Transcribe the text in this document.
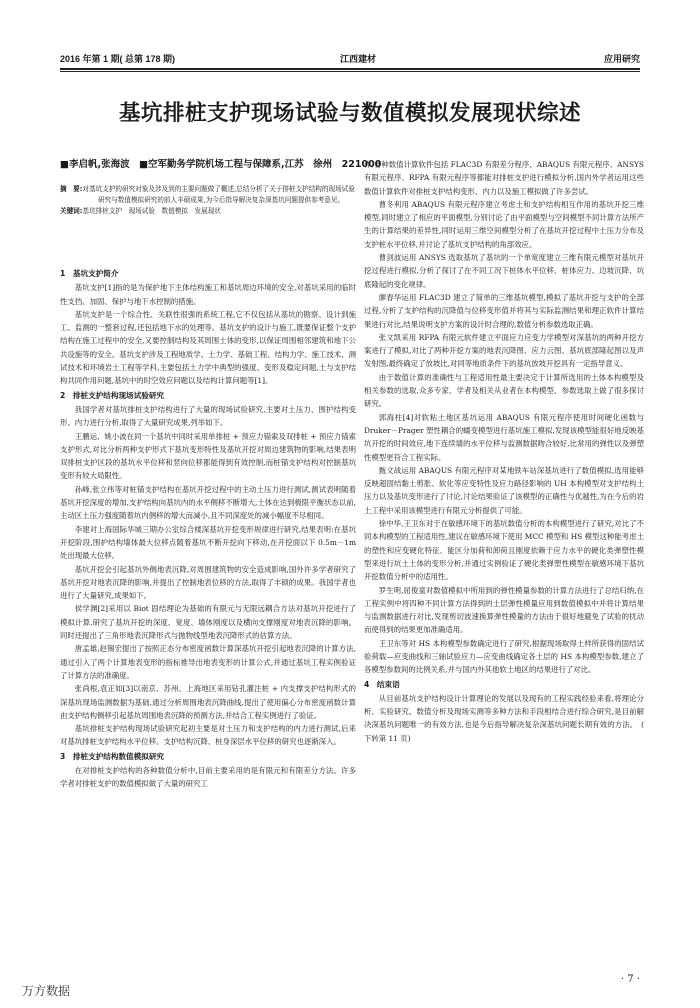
2016 年第 1 期( 总第 178 期)	江西建材	应用研究
基坑排桩支护现场试验与数值模拟发展现状综述
■李启帆,张海波　■空军勤务学院机场工程与保障系,江苏　徐州　221000

摘　要:对基坑支护的研究对象及涉及到的主要问题做了概述,总结分析了关于排桩支护结构的现场试验研究与数值模拟研究的前人丰硕成果,为今后指导解决复杂深基坑问题提供参考意见。

关键词:基坑排桩支护　现场试验　数值模拟　发展现状

1　基坑支护简介

基坑支护[1]指的是为保护地下主体结构施工和基坑周边环境的安全,对基坑采用的临时性支挡、加固、保护与地下水控制的措施。

基坑支护是一个综合性、关联性很强的系统工程,它不仅包括从基坑的勘察、设计到施工、监测的一整套过程,还包括地下水的处理等。基坑支护的设计与施工,既要保证整个支护结构在施工过程中的安全,又要控制结构及其周围土体的变形,以保证周围相邻建筑和地下公共设施等的安全。基坑支护涉及工程地质学、土力学、基础工程、结构力学、施工技术、测试技术和环境岩土工程等学科,主要包括土力学中典型的强度、变形及稳定问题,土与支护结构共同作用问题,基坑中的时空效应问题以及结构计算问题等[1]。

2　排桩支护结构现场试验研究

我国学者对基坑排桩支护结构进行了大量的现场试验研究,主要对土压力、围护结构变形、内力进行分析,取得了大量研究成果,列举如下。

王鹏运、姚小波在同一个基坑中同时采用单排桩 + 预应力锚索及双排桩 + 预应力锚索支护形式,对比分析两种支护形式下基坑变形特性及基坑开挖对周边建筑物的影响,结果表明双排桩支护区段的基坑水平位移和竖向位移都能得到有效控制,而桩锚支护结构对控制基坑变形有较大局限性。

孙峰,张立伟等对桩锚支护结构在基坑开挖过程中的主动土压力进行测试,测试表明随着基坑开挖深度的增加,支护结构向基坑内的水平侧移不断增大,土体在达到极限平衡状态以前,主动区土压力强度随着坑内侧移的增大而减小,且不同深度处的减小幅度不尽相同。

李建对上海国际华城三期办公室综合楼深基坑开挖变形规律进行研究,结果表明:在基坑开挖阶段,围护结构墙体最大位移点随着基坑不断开挖向下移动,在开挖面以下 0.5m－1m 处出现最大位移。

基坑开挖会引起基坑外侧地表沉降,对周围建筑物的安全造成影响,国外许多学者研究了基坑开挖对地表沉降的影响,并提出了控制地表位移的方法,取得了丰硕的成果。我国学者也进行了大量研究,成果如下。

侯学渊[2]采用以 Biot 固结理论为基础的有限元与无限远耦合方法对基坑开挖进行了模拟计算,研究了基坑开挖的深度、宽度、墙体刚度以及横向支撑刚度对地表沉降的影响。同时还提出了三角形地表沉降形式与抛物线型地表沉降形式的估算方法。

唐孟雄,赵锡宏提出了按照正态分布密度函数计算深基坑开挖引起地表沉降的计算方法,通过引入了两个计算地表变形的指标推导出地表变形的计算公式,并通过基坑工程实例验证了计算方法的准确度。

张尚根,袁正如[3]以南京、苏州、上海地区采用钻孔灌注桩 + 内支撑支护结构形式的深基坑现场监测数据为基础,通过分析周围地表沉降曲线,提出了使用偏心分布密度函数计算由支护结构侧移引起基坑周围地表沉降的预测方法,并结合工程实例进行了验证。

基坑排桩支护结构现场试验研究起初主要是对土压力和支护结构的内力进行测试,后来对基坑排桩支护结构水平位移、支护结构沉降、桩身深层水平位移的研究也逐渐深入。

3　排桩支护结构数值模拟研究

在对排桩支护结构的各种数值分析中,目前主要采用的是有限元和有限差分方法。许多学者对排桩支护的数值模拟做了大量的研究工

作,各种数值计算软件包括 FLAC3D 有限差分程序、ABAQUS 有限元程序、ANSYS 有限元程序、RFPA 有限元程序等都能对排桩支护进行模拟分析,国内外学者运用这些数值计算软件对排桩支护结构变形、内力以及施工模拟做了许多尝试。

曹冬利用 ABAQUS 有限元程序建立考虑土和支护结构相互作用的基坑开挖三维模型,同时建立了相应的平面模型,分别讨论了由平面模型与空间模型不同计算方法所产生的计算结果的差异性,同时运用三维空间模型分析了在基坑开挖过程中土压力分布及支护桩水平位移,并讨论了基坑支护结构的角部效应。

曹剑波运用 ANSYS 选取基坑了基坑的一个单宽度建立三维有限元模型对基坑开挖过程进行模拟,分析了探讨了在不同工况下桩体水平位移、桩体应力、边坡沉降、坑底隆起的变化规律。

廖春华运用 FLAC3D 建立了简单的三维基坑模型,模拟了基坑开挖与支护的全部过程,分析了支护结构的沉降值与位移变形值并将其与实际监测结果和理正软件计算结果进行对比,结果说明支护方案的设计时合理的,数值分析参数选取正确。

张文凯采用 RFPA 有限元软件建立平面应力应变力学模型对深基坑的两种开挖方案进行了模拟,对比了两种开挖方案的地表沉降图、应力云图、基坑底部隆起图以及声发射图,最终确定了放坡比,对同等地质条件下的基坑放坡开挖具有一定指导意义。

由于数值计算的准确性与工程适用性最主要决定于计算所选用的土体本构模型及相关参数的选取,众多专家、学者及相关从业者在本构模型、参数选取上做了很多探讨研究。

郭海柱[4]对软粘土地区基坑运用 ABAQUS 有限元程序使用时间硬化函数与 Druker－Prager 塑性耦合的蠕变模型进行基坑施工模拟,发现该模型能很好地反映基坑开挖的时间效应,地下连续墙的水平位移与监测数据吻合较好,比常用的弹性以及弹塑性模型更符合工程实际。

甄文战运用 ABAQUS 有限元程序对某地铁车站深基坑进行了数值模拟,选用能够反映超固结黏土剪胀、软化等应变特性及应力路径影响的 UH 本构模型对支护结构土压力以及基坑变形进行了讨论,讨论结果验证了该模型的正确性与优越性,为在今后的岩土工程中采用该模型进行有限元分析提供了可能。

徐中华,王卫东对于在敏感环境下的基坑数值分析的本构模型进行了研究,对比了不同本构模型的工程适用性,建议在敏感环境下使用 MCC 模型和 HS 模型这种能考虑土的塑性和应变硬化特征、能区分加荷和卸荷且刚度依赖于应力水平的硬化类弹塑性模型来进行坑土土体的变形分析,并通过实例验证了硬化类弹塑性模型在敏感环境下基坑开挖数值分析中的适用性。

罗生明,屈俊童对数值模拟中所用到的弹性模量参数的计算方法进行了总结归纳,在工程实例中将四种不同计算方法得到的土层弹性模量应用到数值模拟中并将计算结果与监测数据进行对比,发现剪切波速换算弹性模量的方法由于很好地避免了试验的扰动而使得到的结果更加准确适用。

王卫东等对 HS 本构模型参数确定进行了研究,根据现场取得土样所获得的固结试验荷载—应变曲线和三轴试验应力—应变曲线确定各土层的 HS 本构模型参数,建立了各模型参数间的比例关系,并与国内外其他软土地区的结果进行了对比。

4　结束语

从目前基坑支护结构设计计算理论的发展以及现有的工程实践经验来看,将理论分析、实验研究、数值分析及现场实测等多种方法和手段相结合进行综合研究,是目前解决深基坑问题唯一的有效方法,也是今后指导解决复杂深基坑问题长期有效的方法。　( 下转第 11 页)

· 7 ·
万方数据
